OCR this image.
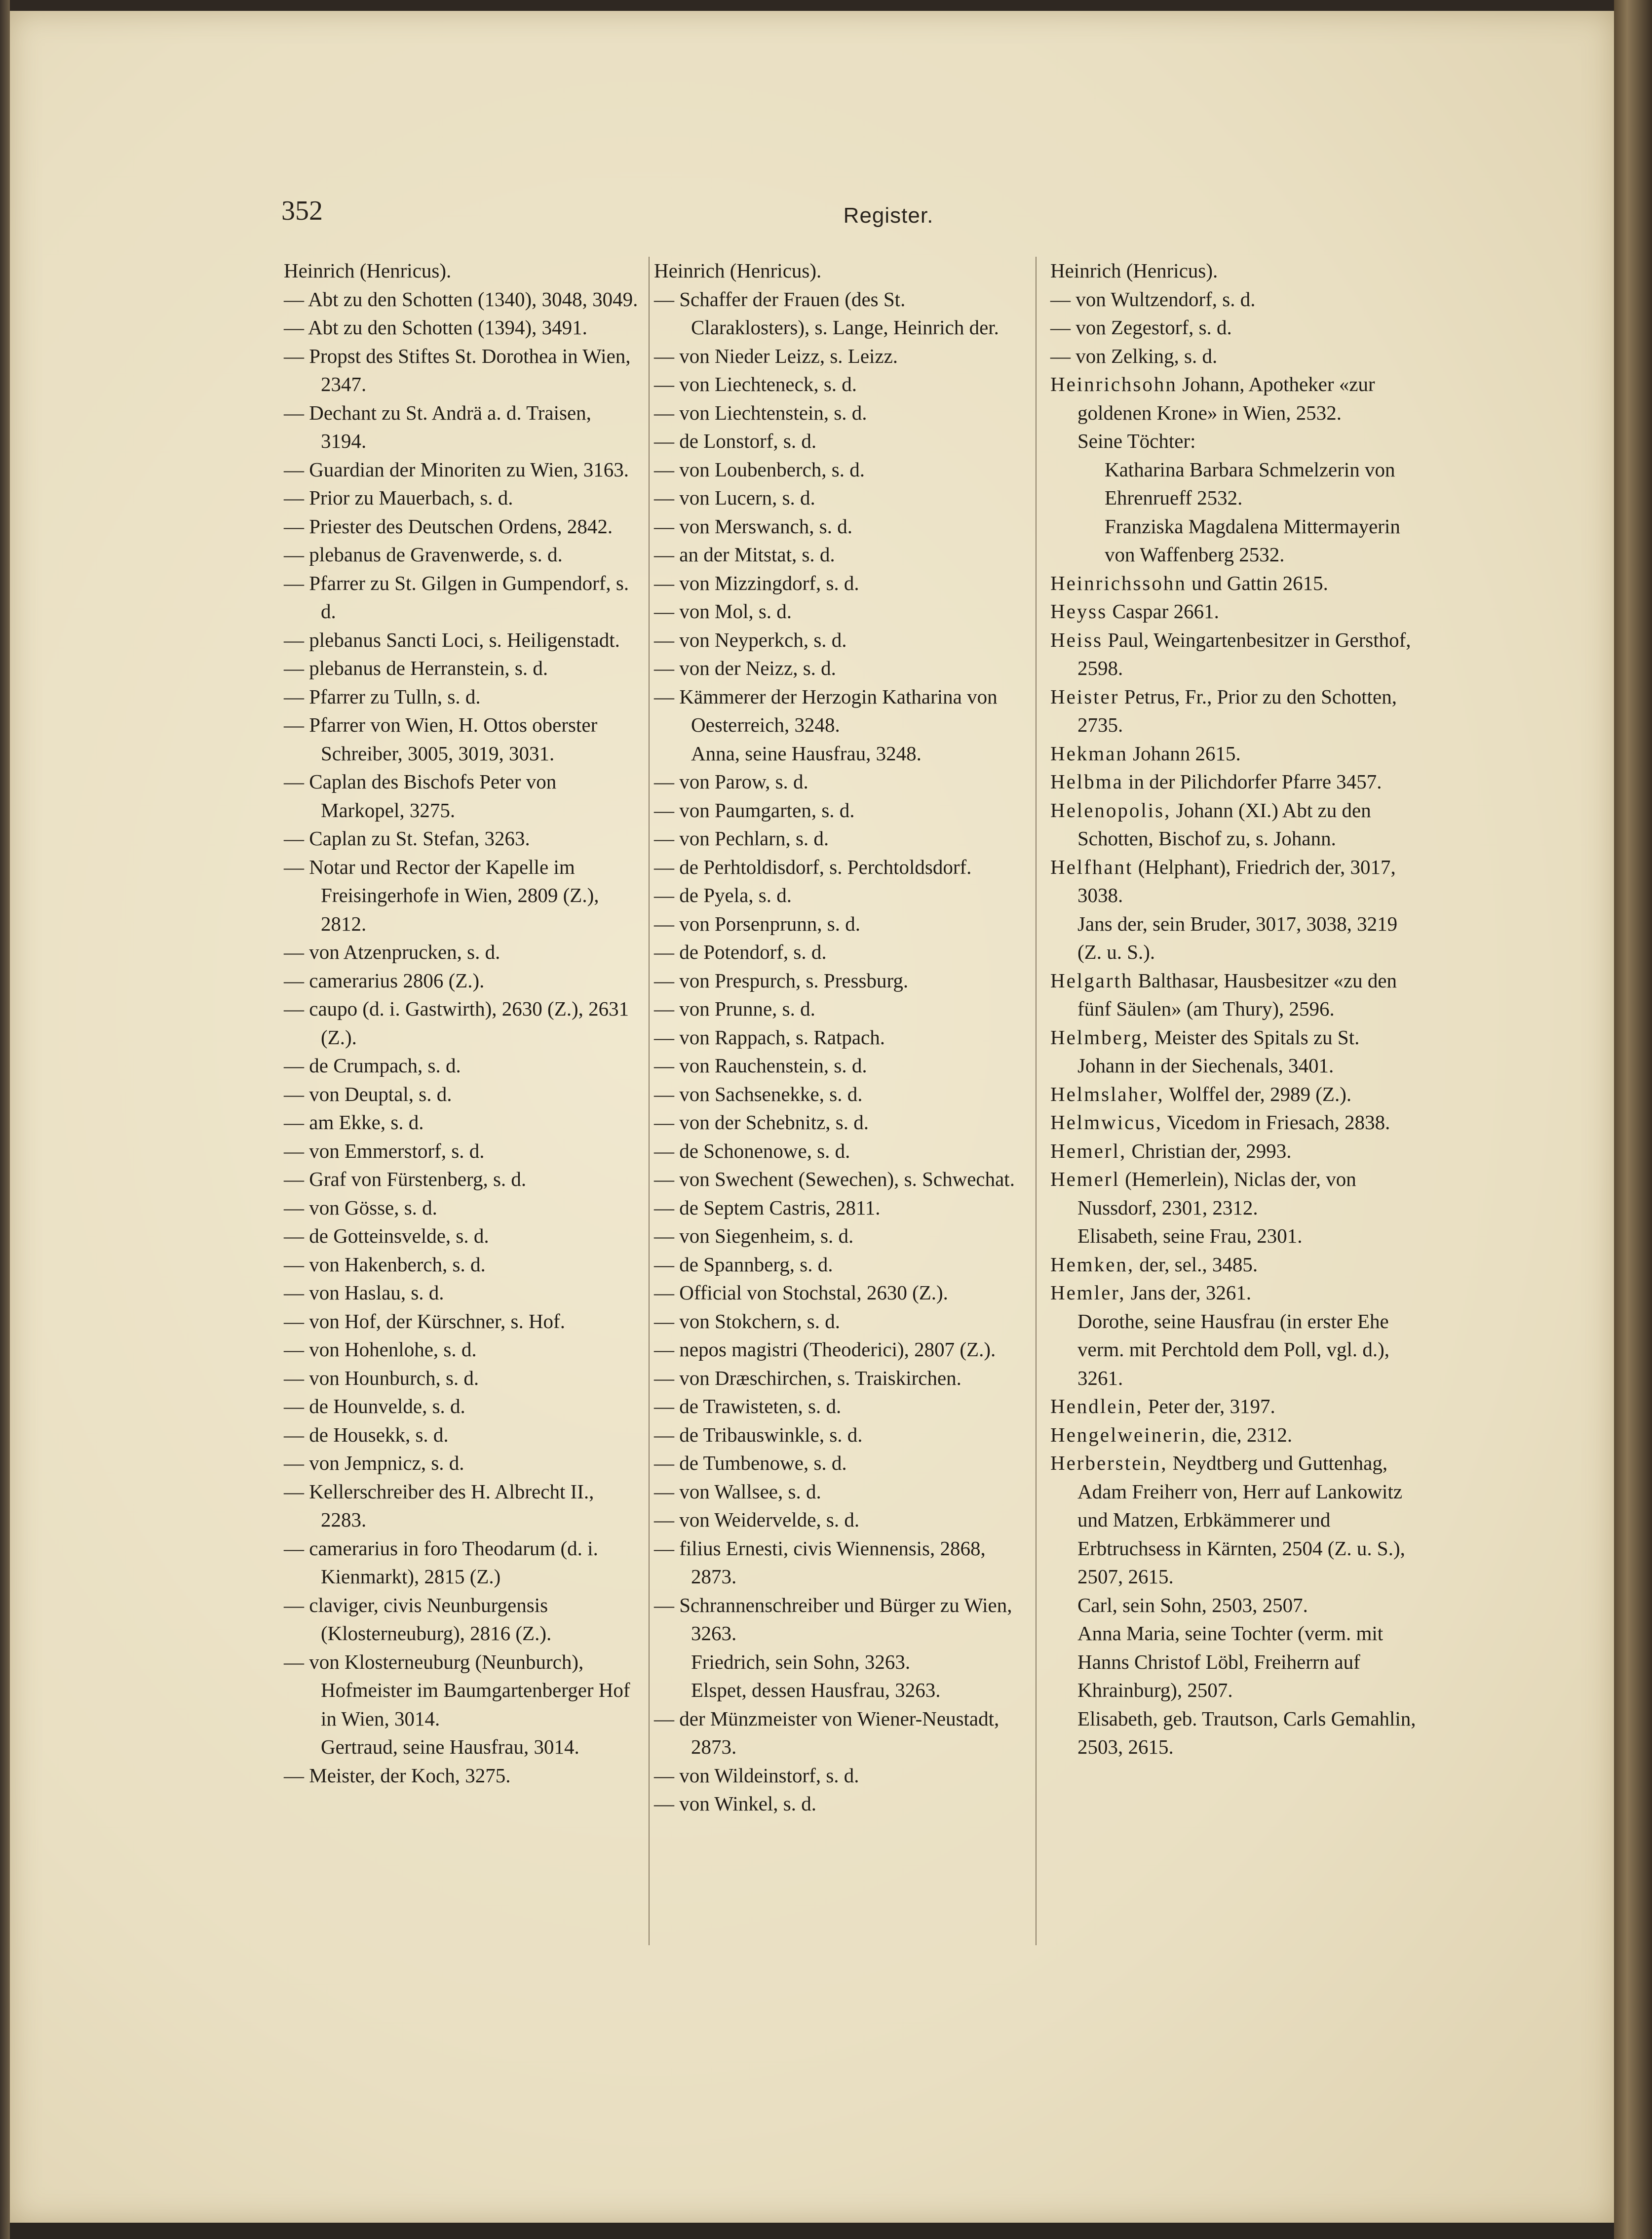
352	Register.

Heinrich (Henricus).

— Abt zu den Schotten (1340), 3048, 3049.

— Abt zu den Schotten (1394), 3491.

— Propst des Stiftes St. Dorothea in Wien, 2347.

— Dechant zu St. Andrä a. d. Traisen, 3194.

— Guardian der Minoriten zu Wien, 3163.

— Prior zu Mauerbach, s. d.

— Priester des Deutschen Ordens, 2842.

— plebanus de Gravenwerde, s. d.

— Pfarrer zu St. Gilgen in Gumpendorf, s. d.

— plebanus Sancti Loci, s. Heiligenstadt.

— plebanus de Herranstein, s. d.

— Pfarrer zu Tulln, s. d.

— Pfarrer von Wien, H. Ottos oberster Schreiber, 3005, 3019, 3031.

— Caplan des Bischofs Peter von Markopel, 3275.

— Caplan zu St. Stefan, 3263.

— Notar und Rector der Kapelle im Freisingerhofe in Wien, 2809 (Z.), 2812.

— von Atzenprucken, s. d.

— camerarius 2806 (Z.).

— caupo (d. i. Gastwirth), 2630 (Z.), 2631 (Z.).

— de Crumpach, s. d.

— von Deuptal, s. d.

— am Ekke, s. d.

— von Emmerstorf, s. d.

— Graf von Fürstenberg, s. d.

— von Gösse, s. d.

— de Gotteinsvelde, s. d.

— von Hakenberch, s. d.

— von Haslau, s. d.

— von Hof, der Kürschner, s. Hof.

— von Hohenlohe, s. d.

— von Hounburch, s. d.

— de Hounvelde, s. d.

— de Housekk, s. d.

— von Jempnicz, s. d.

— Kellerschreiber des H. Albrecht II., 2283.

— camerarius in foro Theodarum (d. i. Kienmarkt), 2815 (Z.)

— claviger, civis Neunburgensis (Klosterneuburg), 2816 (Z.).

— von Klosterneuburg (Neunburch), Hofmeister im Baumgartenberger Hof in Wien, 3014.

Gertraud, seine Hausfrau, 3014.

— Meister, der Koch, 3275.

Heinrich (Henricus).

— Schaffer der Frauen (des St. Claraklosters), s. Lange, Heinrich der.

— von Nieder Leizz, s. Leizz.

— von Liechteneck, s. d.

— von Liechtenstein, s. d.

— de Lonstorf, s. d.

— von Loubenberch, s. d.

— von Lucern, s. d.

— von Merswanch, s. d.

— an der Mitstat, s. d.

— von Mizzingdorf, s. d.

— von Mol, s. d.

— von Neyperkch, s. d.

— von der Neizz, s. d.

— Kämmerer der Herzogin Katharina von Oesterreich, 3248.

Anna, seine Hausfrau, 3248.

— von Parow, s. d.

— von Paumgarten, s. d.

— von Pechlarn, s. d.

— de Perhtoldisdorf, s. Perchtoldsdorf.

— de Pyela, s. d.

— von Porsenprunn, s. d.

— de Potendorf, s. d.

— von Prespurch, s. Pressburg.

— von Prunne, s. d.

— von Rappach, s. Ratpach.

— von Rauchenstein, s. d.

— von Sachsenekke, s. d.

— von der Schebnitz, s. d.

— de Schonenowe, s. d.

— von Swechent (Sewechen), s. Schwechat.

— de Septem Castris, 2811.

— von Siegenheim, s. d.

— de Spannberg, s. d.

— Official von Stochstal, 2630 (Z.).

— von Stokchern, s. d.

— nepos magistri (Theoderici), 2807 (Z.).

— von Dræschirchen, s. Traiskirchen.

— de Trawisteten, s. d.

— de Tribauswinkle, s. d.

— de Tumbenowe, s. d.

— von Wallsee, s. d.

— von Weidervelde, s. d.

— filius Ernesti, civis Wiennensis, 2868, 2873.

— Schrannenschreiber und Bürger zu Wien, 3263.

Friedrich, sein Sohn, 3263.

Elspet, dessen Hausfrau, 3263.

— der Münzmeister von Wiener-Neustadt, 2873.

— von Wildeinstorf, s. d.

— von Winkel, s. d.

Heinrich (Henricus).

— von Wultzendorf, s. d.

— von Zegestorf, s. d.

— von Zelking, s. d.

Heinrichsohn Johann, Apotheker «zur goldenen Krone» in Wien, 2532.

Seine Töchter:

Katharina Barbara Schmelzerin von Ehrenrueff 2532.

Franziska Magdalena Mittermayerin von Waffenberg 2532.

Heinrichssohn und Gattin 2615.

Heyss Caspar 2661.

Heiss Paul, Weingartenbesitzer in Gersthof, 2598.

Heister Petrus, Fr., Prior zu den Schotten, 2735.

Hekman Johann 2615.

Helbma in der Pilichdorfer Pfarre 3457.

Helenopolis, Johann (XI.) Abt zu den Schotten, Bischof zu, s. Johann.

Helfhant (Helphant), Friedrich der, 3017, 3038.

Jans der, sein Bruder, 3017, 3038, 3219 (Z. u. S.).

Helgarth Balthasar, Hausbesitzer «zu den fünf Säulen» (am Thury), 2596.

Helmberg, Meister des Spitals zu St. Johann in der Siechenals, 3401.

Helmslaher, Wolffel der, 2989 (Z.).

Helmwicus, Vicedom in Friesach, 2838.

Hemerl, Christian der, 2993.

Hemerl (Hemerlein), Niclas der, von Nussdorf, 2301, 2312.

Elisabeth, seine Frau, 2301.

Hemken, der, sel., 3485.

Hemler, Jans der, 3261.

Dorothe, seine Hausfrau (in erster Ehe verm. mit Perchtold dem Poll, vgl. d.), 3261.

Hendlein, Peter der, 3197.

Hengelweinerin, die, 2312.

Herberstein, Neydtberg und Guttenhag, Adam Freiherr von, Herr auf Lankowitz und Matzen, Erbkämmerer und Erbtruchsess in Kärnten, 2504 (Z. u. S.), 2507, 2615.

Carl, sein Sohn, 2503, 2507.

Anna Maria, seine Tochter (verm. mit Hanns Christof Löbl, Freiherrn auf Khrainburg), 2507.

Elisabeth, geb. Trautson, Carls Gemahlin, 2503, 2615.
